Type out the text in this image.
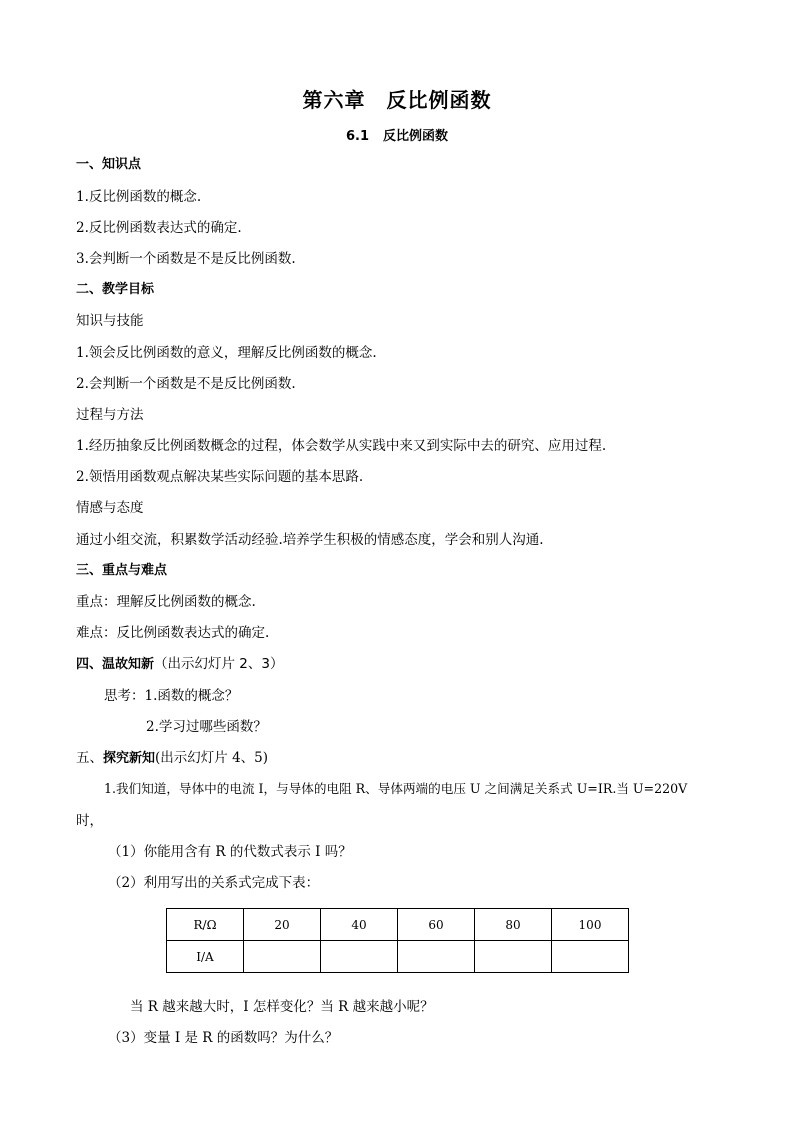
第六章　反比例函数
6.1 反比例函数
一、知识点
1.反比例函数的概念.
2.反比例函数表达式的确定.
3.会判断一个函数是不是反比例函数.
二、教学目标
知识与技能
1.领会反比例函数的意义，理解反比例函数的概念.
2.会判断一个函数是不是反比例函数.
过程与方法
1.经历抽象反比例函数概念的过程，体会数学从实践中来又到实际中去的研究、应用过程.
2.领悟用函数观点解决某些实际问题的基本思路.
情感与态度
通过小组交流，积累数学活动经验.培养学生积极的情感态度，学会和别人沟通.
三、重点与难点
重点：理解反比例函数的概念.
难点：反比例函数表达式的确定.
四、温故知新（出示幻灯片 2、3）
思考：1.函数的概念？
2.学习过哪些函数？
五、探究新知(出示幻灯片 4、5)
1.我们知道，导体中的电流 I，与导体的电阻 R、导体两端的电压 U 之间满足关系式 U=IR.当 U=220V
时，
（1）你能用含有 R 的代数式表示 I 吗？
（2）利用写出的关系式完成下表：
R/Ω	20	40	60	80	100
I/A					
当 R 越来越大时，I 怎样变化？当 R 越来越小呢？
（3）变量 I 是 R 的函数吗？为什么？
